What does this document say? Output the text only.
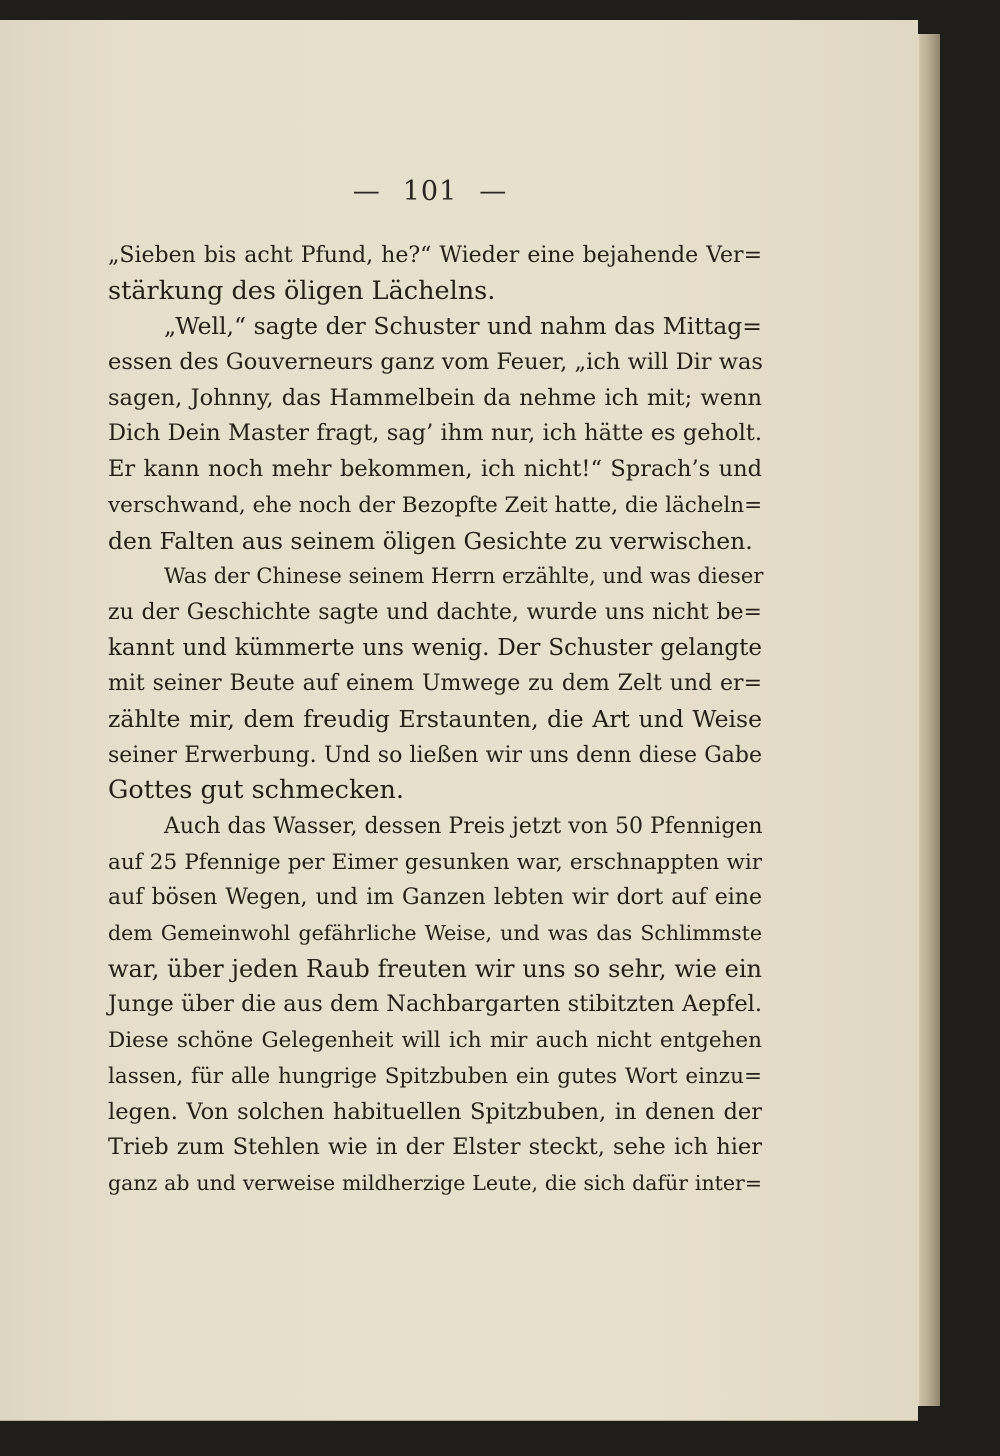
— 101 —
„Sieben bis acht Pfund, he?“ Wieder eine bejahende Ver=
stärkung des öligen Lächelns.
„Well,“ sagte der Schuster und nahm das Mittag=
essen des Gouverneurs ganz vom Feuer, „ich will Dir was
sagen, Johnny, das Hammelbein da nehme ich mit; wenn
Dich Dein Master fragt, sag’ ihm nur, ich hätte es geholt.
Er kann noch mehr bekommen, ich nicht!“ Sprach’s und
verschwand, ehe noch der Bezopfte Zeit hatte, die lächeln=
den Falten aus seinem öligen Gesichte zu verwischen.
Was der Chinese seinem Herrn erzählte, und was dieser
zu der Geschichte sagte und dachte, wurde uns nicht be=
kannt und kümmerte uns wenig. Der Schuster gelangte
mit seiner Beute auf einem Umwege zu dem Zelt und er=
zählte mir, dem freudig Erstaunten, die Art und Weise
seiner Erwerbung. Und so ließen wir uns denn diese Gabe
Gottes gut schmecken.
Auch das Wasser, dessen Preis jetzt von 50 Pfennigen
auf 25 Pfennige per Eimer gesunken war, erschnappten wir
auf bösen Wegen, und im Ganzen lebten wir dort auf eine
dem Gemeinwohl gefährliche Weise, und was das Schlimmste
war, über jeden Raub freuten wir uns so sehr, wie ein
Junge über die aus dem Nachbargarten stibitzten Aepfel.
Diese schöne Gelegenheit will ich mir auch nicht entgehen
lassen, für alle hungrige Spitzbuben ein gutes Wort einzu=
legen. Von solchen habituellen Spitzbuben, in denen der
Trieb zum Stehlen wie in der Elster steckt, sehe ich hier
ganz ab und verweise mildherzige Leute, die sich dafür inter=
